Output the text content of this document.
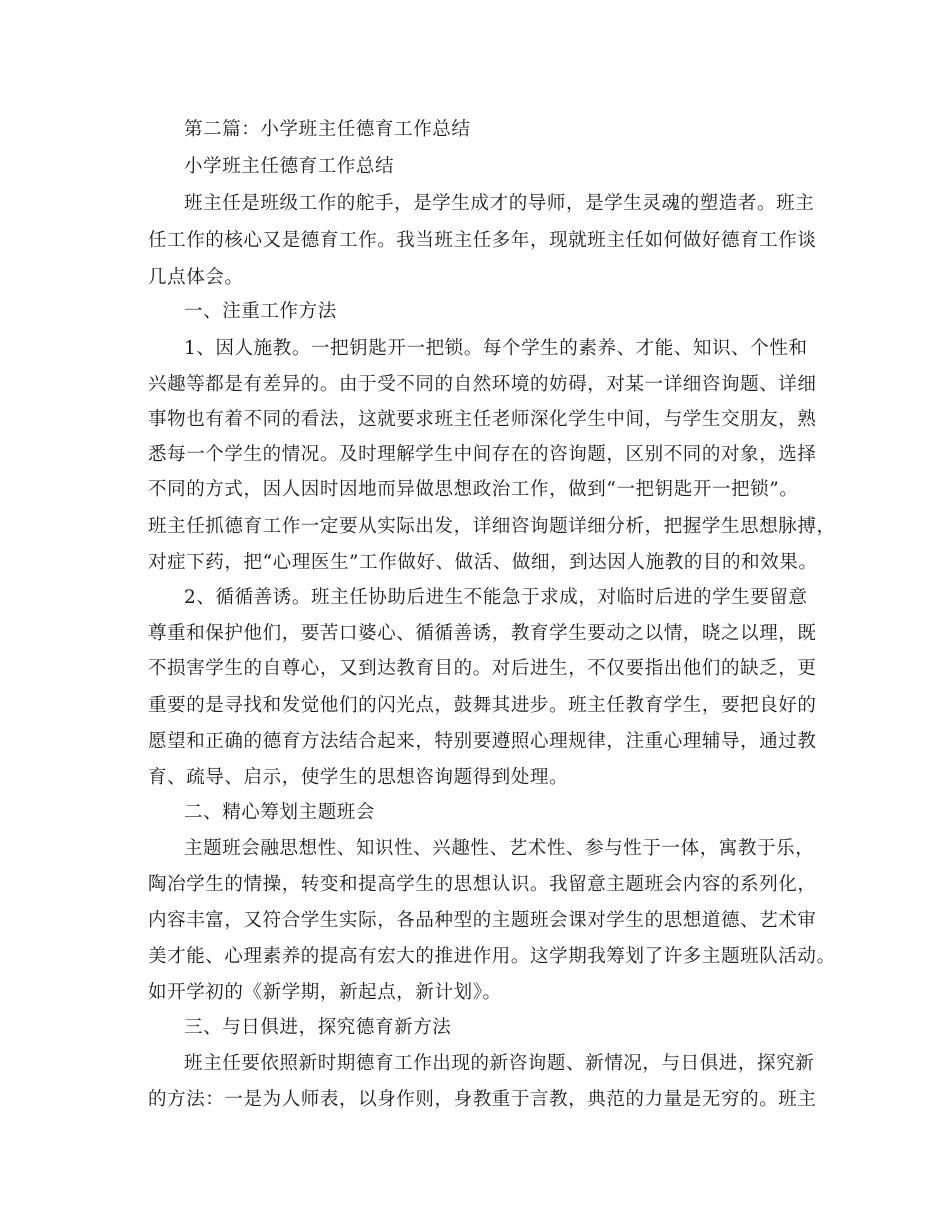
第二篇：小学班主任德育工作总结
小学班主任德育工作总结
班主任是班级工作的舵手，是学生成才的导师，是学生灵魂的塑造者。班主
任工作的核心又是德育工作。我当班主任多年，现就班主任如何做好德育工作谈
几点体会。
一、注重工作方法
1、因人施教。一把钥匙开一把锁。每个学生的素养、才能、知识、个性和
兴趣等都是有差异的。由于受不同的自然环境的妨碍，对某一详细咨询题、详细
事物也有着不同的看法，这就要求班主任老师深化学生中间，与学生交朋友，熟
悉每一个学生的情况。及时理解学生中间存在的咨询题，区别不同的对象，选择
不同的方式，因人因时因地而异做思想政治工作，做到“一把钥匙开一把锁”。
班主任抓德育工作一定要从实际出发，详细咨询题详细分析，把握学生思想脉搏，
对症下药，把“心理医生”工作做好、做活、做细，到达因人施教的目的和效果。
2、循循善诱。班主任协助后进生不能急于求成，对临时后进的学生要留意
尊重和保护他们，要苦口婆心、循循善诱，教育学生要动之以情，晓之以理，既
不损害学生的自尊心，又到达教育目的。对后进生，不仅要指出他们的缺乏，更
重要的是寻找和发觉他们的闪光点，鼓舞其进步。班主任教育学生，要把良好的
愿望和正确的德育方法结合起来，特别要遵照心理规律，注重心理辅导，通过教
育、疏导、启示，使学生的思想咨询题得到处理。
二、精心筹划主题班会
主题班会融思想性、知识性、兴趣性、艺术性、参与性于一体，寓教于乐，
陶冶学生的情操，转变和提高学生的思想认识。我留意主题班会内容的系列化，
内容丰富，又符合学生实际，各品种型的主题班会课对学生的思想道德、艺术审
美才能、心理素养的提高有宏大的推进作用。这学期我筹划了许多主题班队活动。
如开学初的《新学期，新起点，新计划》。
三、与日俱进，探究德育新方法
班主任要依照新时期德育工作出现的新咨询题、新情况，与日俱进，探究新
的方法：一是为人师表，以身作则，身教重于言教，典范的力量是无穷的。班主
